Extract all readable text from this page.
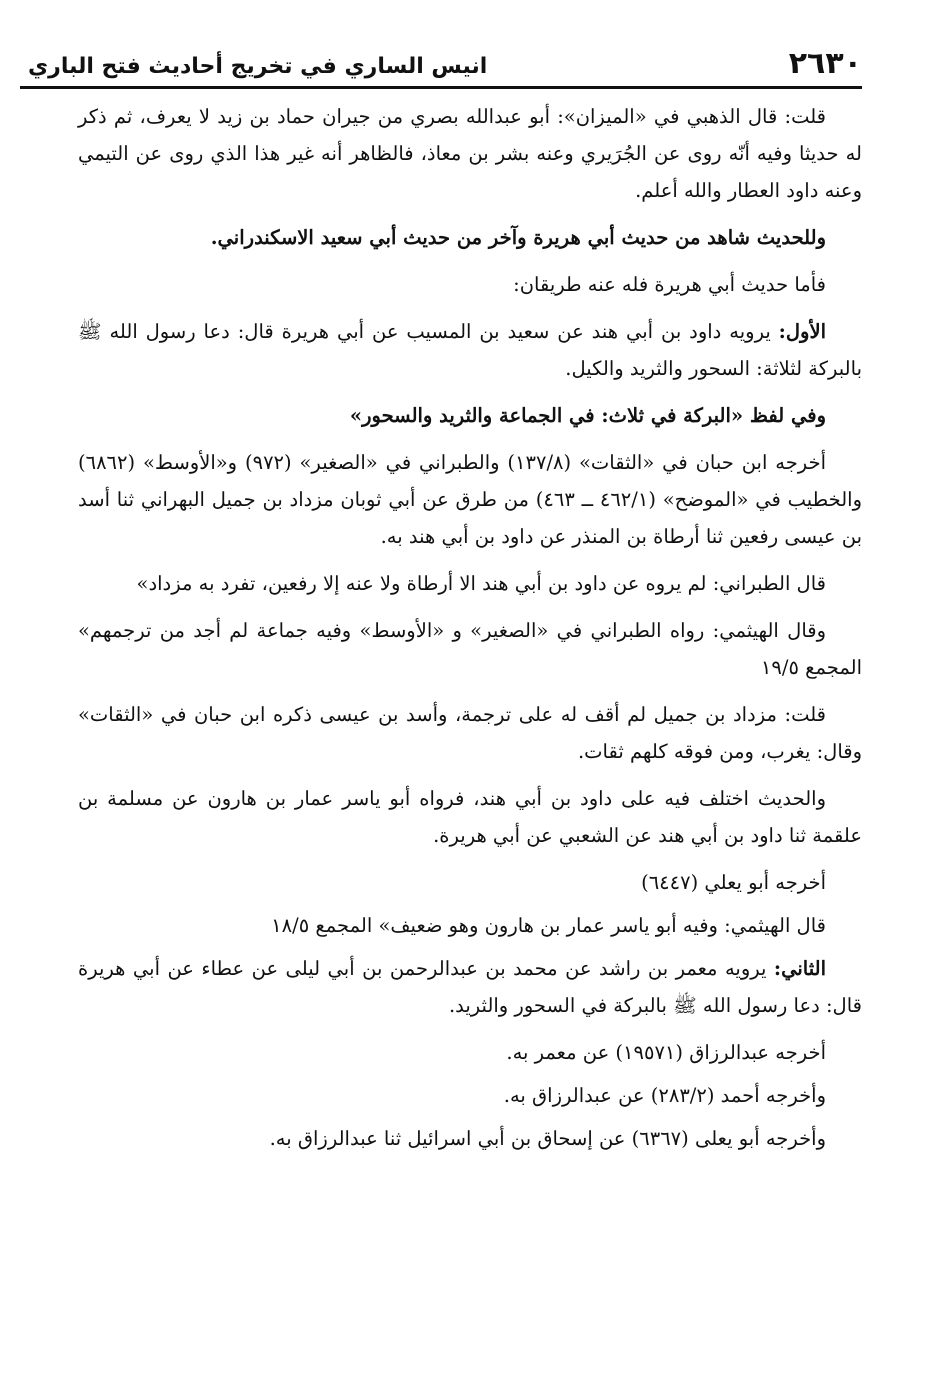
٢٦٣٠
انيس الساري في تخريج أحاديث فتح الباري

قلت: قال الذهبي في «الميزان»: أبو عبدالله بصري من جيران حماد بن زيد لا يعرف، ثم ذكر له حديثا وفيه أنّه روى عن الجُرَيري وعنه بشر بن معاذ، فالظاهر أنه غير هذا الذي روى عن التيمي وعنه داود العطار والله أعلم.

وللحديث شاهد من حديث أبي هريرة وآخر من حديث أبي سعيد الاسكندراني.

فأما حديث أبي هريرة فله عنه طريقان:

الأول: يرويه داود بن أبي هند عن سعيد بن المسيب عن أبي هريرة قال: دعا رسول الله ﷺ بالبركة لثلاثة: السحور والثريد والكيل.

وفي لفظ «البركة في ثلاث: في الجماعة والثريد والسحور»

أخرجه ابن حبان في «الثقات» (١٣٧/٨) والطبراني في «الصغير» (٩٧٢) و«الأوسط» (٦٨٦٢) والخطيب في «الموضح» (٤٦٢/١ ــ ٤٦٣) من طرق عن أبي ثوبان مزداد بن جميل البهراني ثنا أسد بن عيسى رفعين ثنا أرطاة بن المنذر عن داود بن أبي هند به.

قال الطبراني: لم يروه عن داود بن أبي هند الا أرطاة ولا عنه إلا رفعين، تفرد به مزداد»

وقال الهيثمي: رواه الطبراني في «الصغير» و «الأوسط» وفيه جماعة لم أجد من ترجمهم» المجمع ١٩/٥

قلت: مزداد بن جميل لم أقف له على ترجمة، وأسد بن عيسى ذكره ابن حبان في «الثقات» وقال: يغرب، ومن فوقه كلهم ثقات.

والحديث اختلف فيه على داود بن أبي هند، فرواه أبو ياسر عمار بن هارون عن مسلمة بن علقمة ثنا داود بن أبي هند عن الشعبي عن أبي هريرة.

أخرجه أبو يعلي (٦٤٤٧)

قال الهيثمي: وفيه أبو ياسر عمار بن هارون وهو ضعيف» المجمع ١٨/٥

الثاني: يرويه معمر بن راشد عن محمد بن عبدالرحمن بن أبي ليلى عن عطاء عن أبي هريرة قال: دعا رسول الله ﷺ بالبركة في السحور والثريد.

أخرجه عبدالرزاق (١٩٥٧١) عن معمر به.

وأخرجه أحمد (٢٨٣/٢) عن عبدالرزاق به.

وأخرجه أبو يعلى (٦٣٦٧) عن إسحاق بن أبي اسرائيل ثنا عبدالرزاق به.
